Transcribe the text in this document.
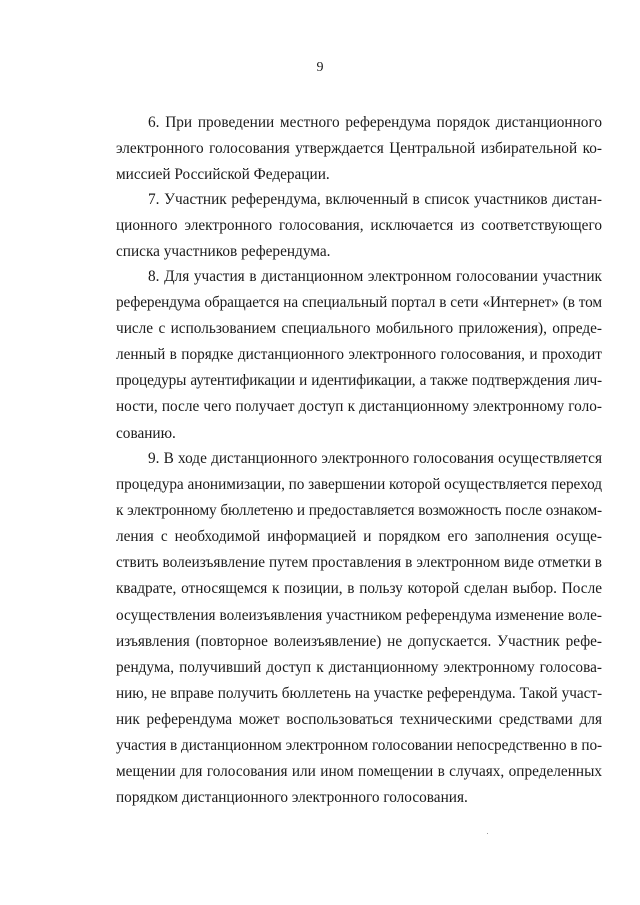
9

6. При проведении местного референдума порядок дистанционного
электронного голосования утверждается Центральной избирательной ко-
миссией Российской Федерации.

7. Участник референдума, включенный в список участников дистан-
ционного электронного голосования, исключается из соответствующего
списка участников референдума.

8. Для участия в дистанционном электронном голосовании участник
референдума обращается на специальный портал в сети «Интернет» (в том
числе с использованием специального мобильного приложения), опреде-
ленный в порядке дистанционного электронного голосования, и проходит
процедуры аутентификации и идентификации, а также подтверждения лич-
ности, после чего получает доступ к дистанционному электронному голо-
сованию.

9. В ходе дистанционного электронного голосования осуществляется
процедура анонимизации, по завершении которой осуществляется переход
к электронному бюллетеню и предоставляется возможность после ознаком-
ления с необходимой информацией и порядком его заполнения осуще-
ствить волеизъявление путем проставления в электронном виде отметки в
квадрате, относящемся к позиции, в пользу которой сделан выбор. После
осуществления волеизъявления участником референдума изменение воле-
изъявления (повторное волеизъявление) не допускается. Участник рефе-
рендума, получивший доступ к дистанционному электронному голосова-
нию, не вправе получить бюллетень на участке референдума. Такой участ-
ник референдума может воспользоваться техническими средствами для
участия в дистанционном электронном голосовании непосредственно в по-
мещении для голосования или ином помещении в случаях, определенных
порядком дистанционного электронного голосования.
